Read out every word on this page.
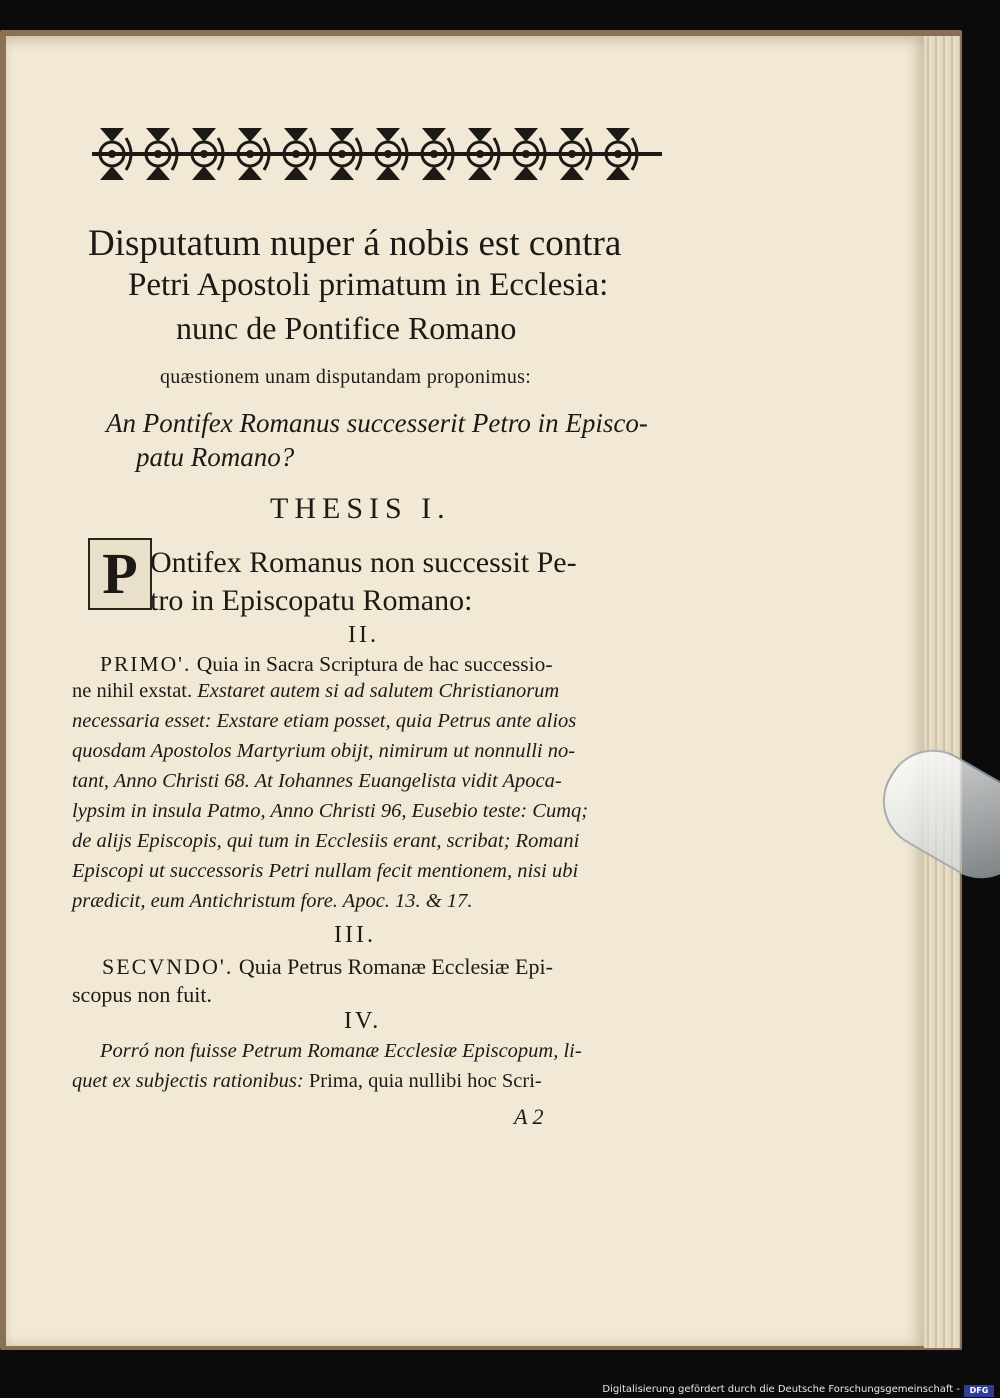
Disputatum nuper á nobis est contra
Petri Apostoli primatum in Ecclesia:
nunc de Pontifice Romano
quæstionem unam disputandam proponimus:
An Pontifex Romanus successerit Petro in Episco-
patu Romano?
THESIS I.
P Ontifex Romanus non successit Pe-
tro in Episcopatu Romano:
II.
PRIMO'. Quia in Sacra Scriptura de hac successio-
ne nihil exstat. Exstaret autem si ad salutem Christianorum
necessaria esset: Exstare etiam posset, quia Petrus ante alios
quosdam Apostolos Martyrium obijt, nimirum ut nonnulli no-
tant, Anno Christi 68. At Iohannes Euangelista vidit Apoca-
lypsim in insula Patmo, Anno Christi 96, Eusebio teste: Cumq;
de alijs Episcopis, qui tum in Ecclesiis erant, scribat; Romani
Episcopi ut successoris Petri nullam fecit mentionem, nisi ubi
prædicit, eum Antichristum fore. Apoc. 13. & 17.
III.
SECVNDO'. Quia Petrus Romanæ Ecclesiæ Epi-
scopus non fuit.
IV.
Porró non fuisse Petrum Romanæ Ecclesiæ Episcopum, li-
quet ex subjectis rationibus: Prima, quia nullibi hoc Scri-
A 2
Digitalisierung gefördert durch die Deutsche Forschungsgemeinschaft -	DFG
